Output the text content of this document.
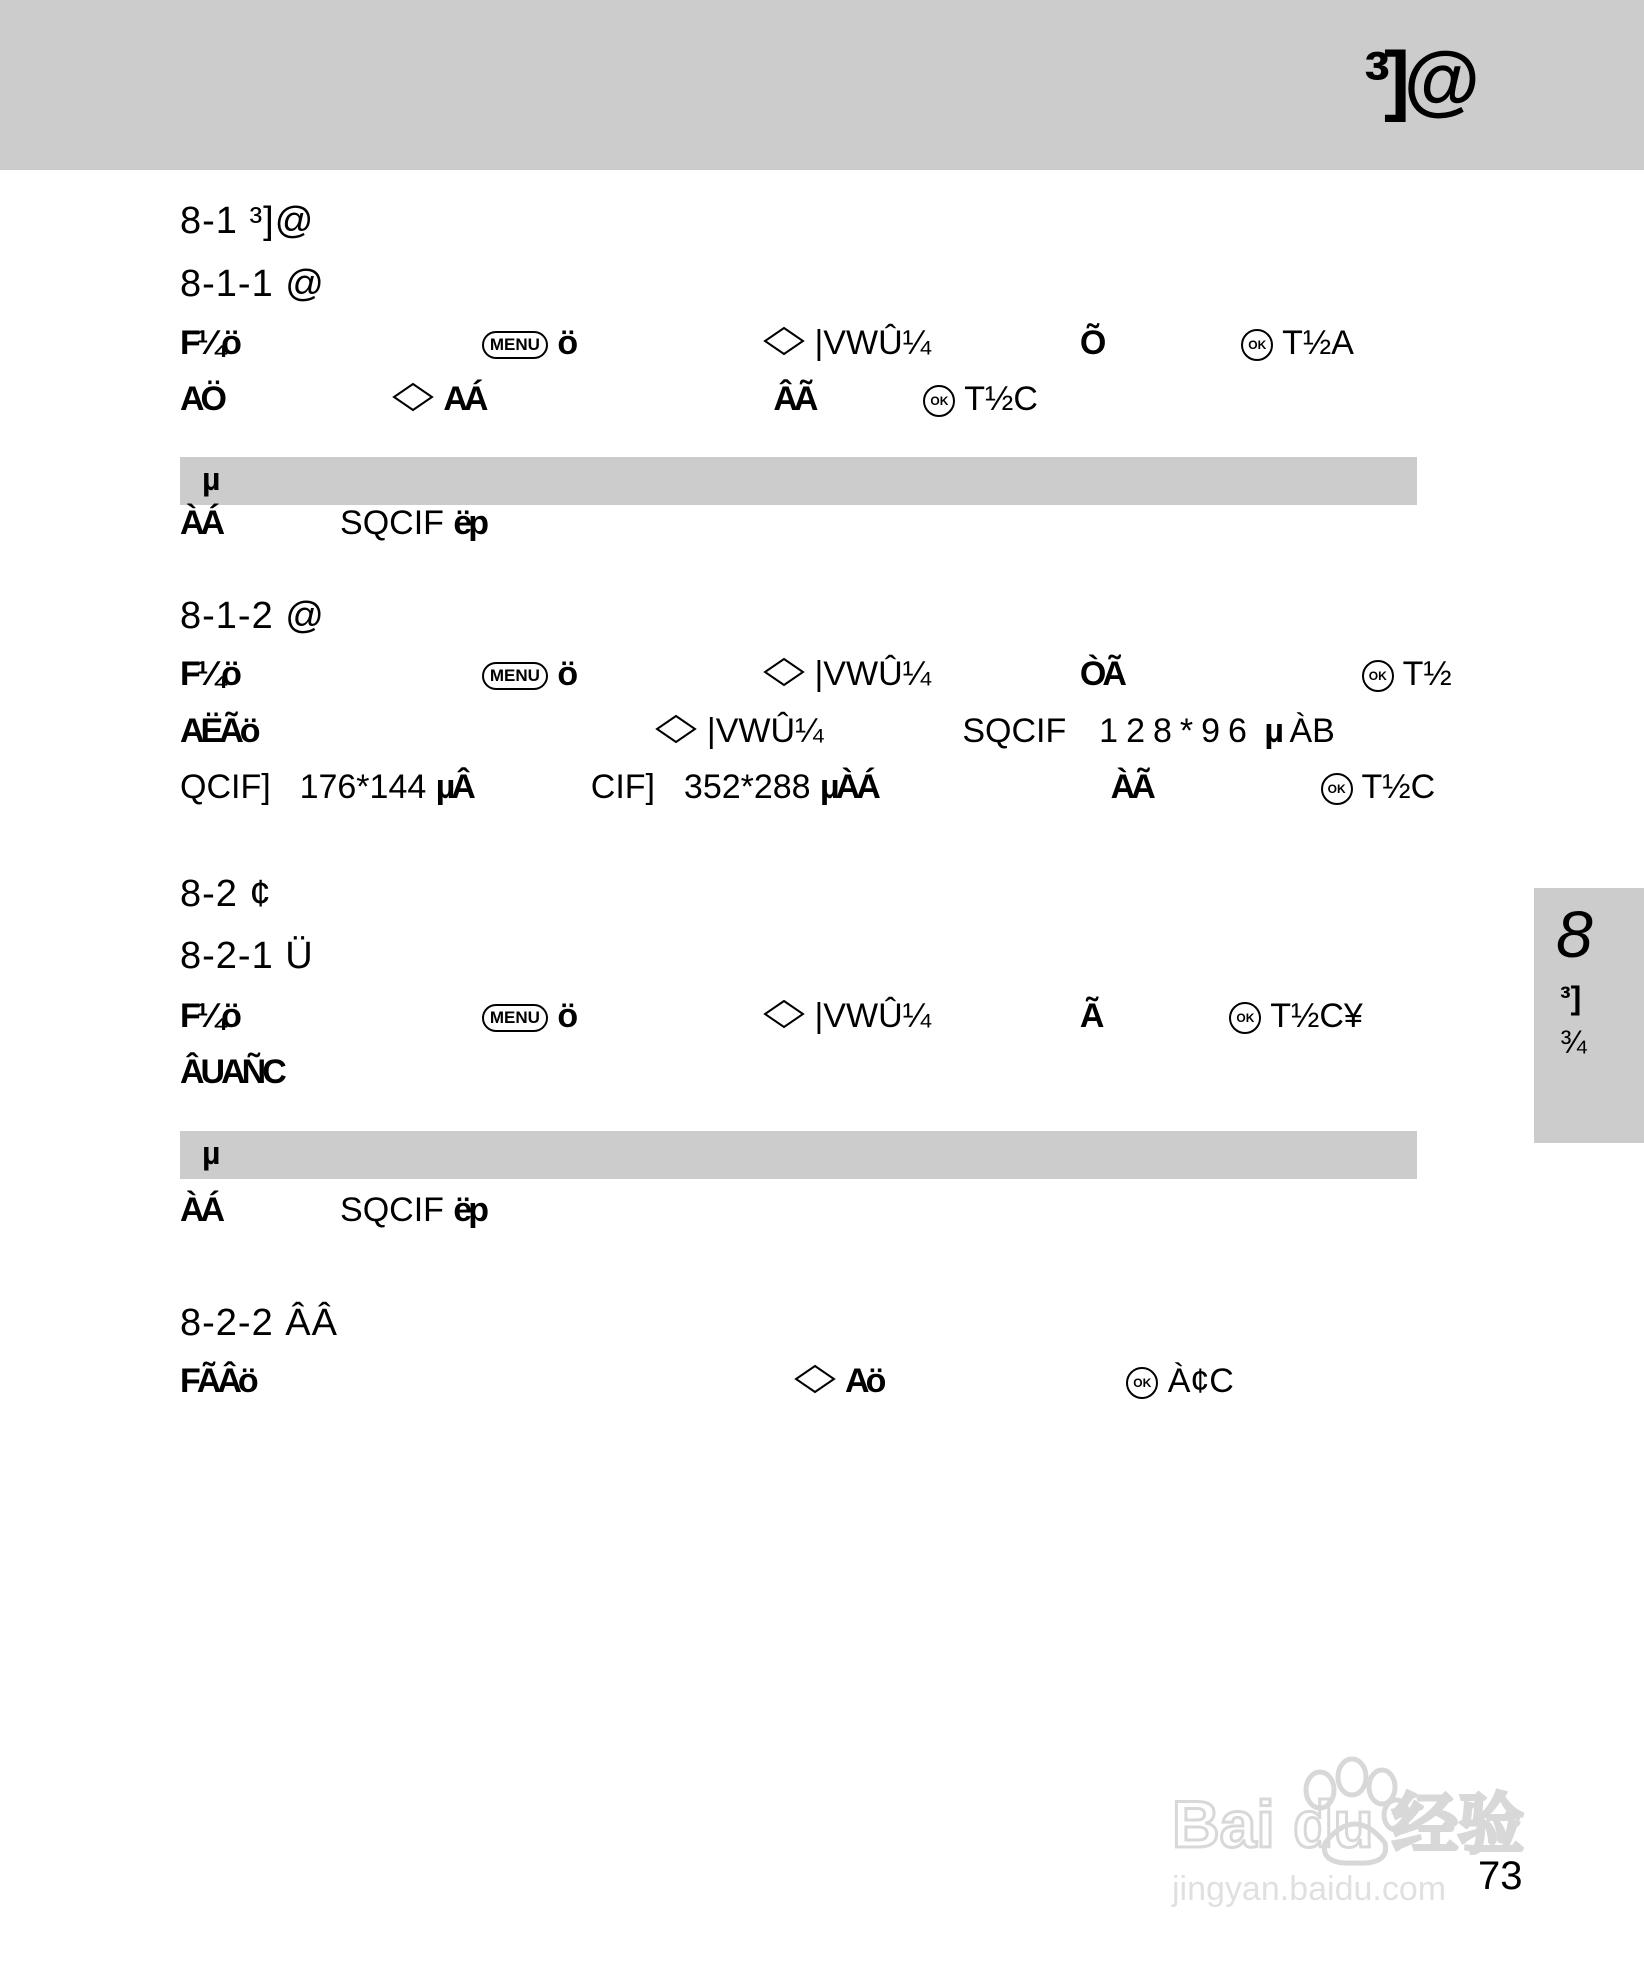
³]@
8-1 ³]@
8-1-1 @
F¼ö	MENU ö	|VWÛ¼	Õ	OK T½A
AÖ	AÁ	ÂÃ	OK T½C
µ
ÀÁ	SQCIF ëp
8-1-2 @
F¼ö	MENU ö	|VWÛ¼	ÒÃ	OK T½
AËÃö	|VWÛ¼	SQCIF 128*96 µ ÀB
QCIF] 176*144 µÂ	CIF] 352*288 µÀÁ	ÀÃ	OK T½C
8-2 ¢
8-2-1 Ü
F¼ö	MENU ö	|VWÛ¼	Ã	OK T½C¥
ÂUAÑC
µ
ÀÁ	SQCIF ëp
8-2-2 ÂÂ
FÃÂö	Aö	OK À¢C
8
³]
¾
Bai du 经验
jingyan.baidu.com 73
